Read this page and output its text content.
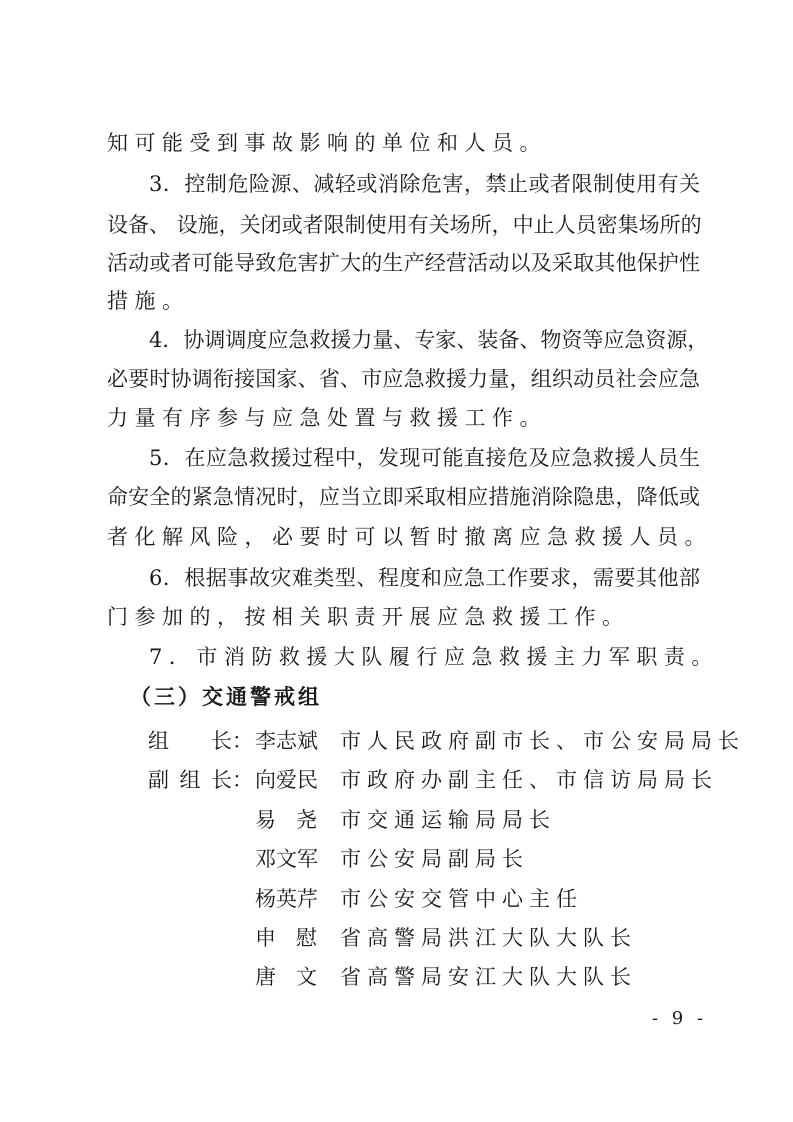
知可能受到事故影响的单位和人员。
3．控制危险源、减轻或消除危害，禁止或者限制使用有关
设备、 设施，关闭或者限制使用有关场所，中止人员密集场所的
活动或者可能导致危害扩大的生产经营活动以及采取其他保护性
措施。
4．协调调度应急救援力量、专家、装备、物资等应急资源，
必要时协调衔接国家、省、市应急救援力量，组织动员社会应急
力量有序参与应急处置与救援工作。
5．在应急救援过程中，发现可能直接危及应急救援人员生
命安全的紧急情况时，应当立即采取相应措施消除隐患，降低或
者化解风险，必要时可以暂时撤离应急救援人员。
6．根据事故灾难类型、程度和应急工作要求，需要其他部
门参加的，按相关职责开展应急救援工作。
7．市消防救援大队履行应急救援主力军职责。
（三）交通警戒组
组长 ：
李志斌 市人民政府副市长、市公安局局长
副组长 ：
向爱民 市政府办副主任、市信访局局长
易尧 市交通运输局局长
邓文军 市公安局副局长
杨英芹 市公安交管中心主任
申慰 省高警局洪江大队大队长
唐文 省高警局安江大队大队长
- 9 -
